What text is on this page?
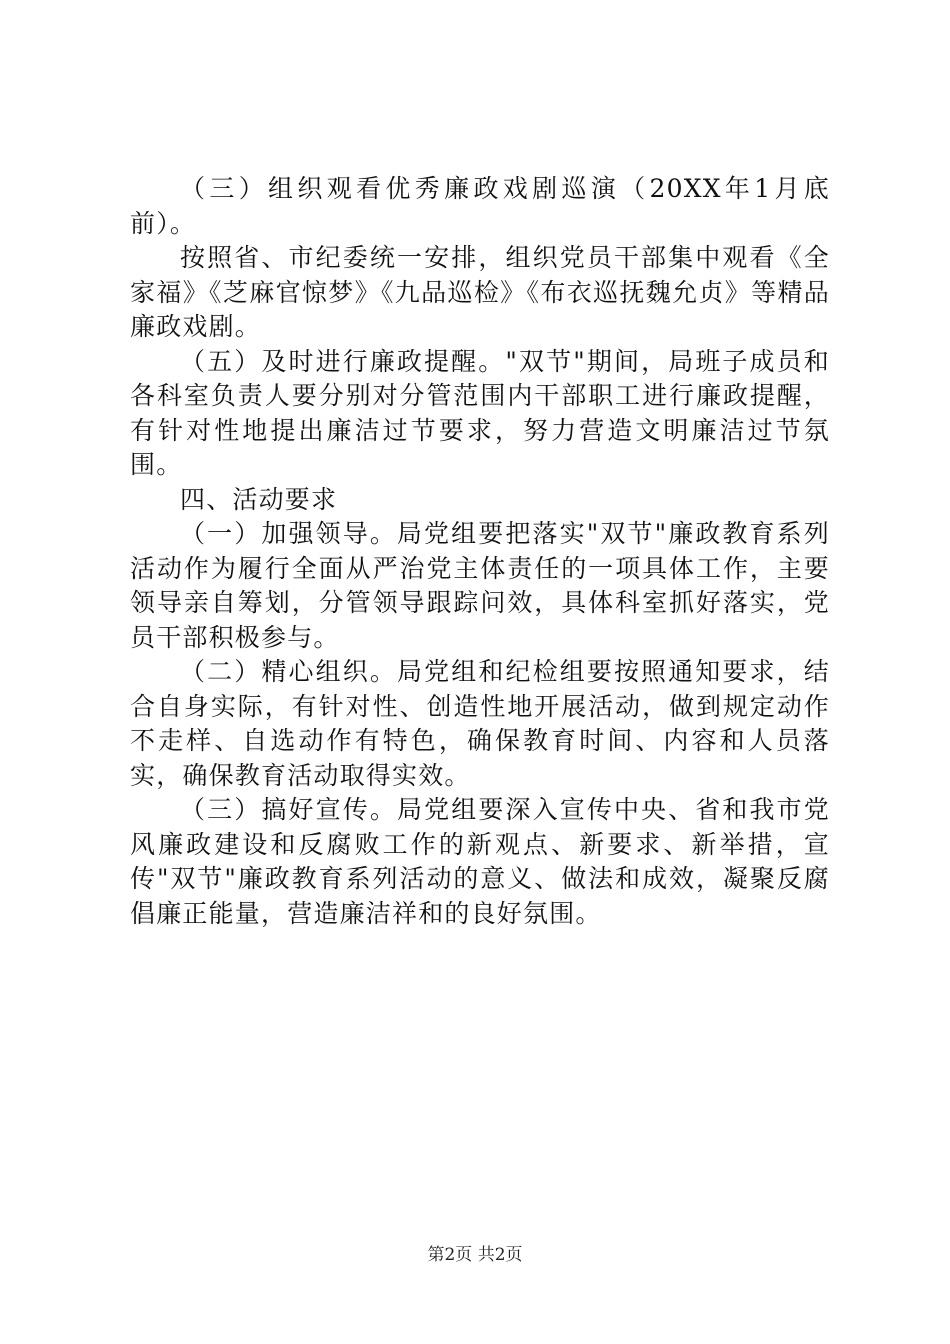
（三）组织观看优秀廉政戏剧巡演（20XX年1月底前）。

按照省、市纪委统一安排，组织党员干部集中观看《全家福》《芝麻官惊梦》《九品巡检》《布衣巡抚魏允贞》等精品廉政戏剧。

（五）及时进行廉政提醒。"双节"期间，局班子成员和各科室负责人要分别对分管范围内干部职工进行廉政提醒，有针对性地提出廉洁过节要求，努力营造文明廉洁过节氛围。

四、活动要求

（一）加强领导。局党组要把落实"双节"廉政教育系列活动作为履行全面从严治党主体责任的一项具体工作，主要领导亲自筹划，分管领导跟踪问效，具体科室抓好落实，党员干部积极参与。

（二）精心组织。局党组和纪检组要按照通知要求，结合自身实际，有针对性、创造性地开展活动，做到规定动作不走样、自选动作有特色，确保教育时间、内容和人员落实，确保教育活动取得实效。

（三）搞好宣传。局党组要深入宣传中央、省和我市党风廉政建设和反腐败工作的新观点、新要求、新举措，宣传"双节"廉政教育系列活动的意义、做法和成效，凝聚反腐倡廉正能量，营造廉洁祥和的良好氛围。

第2页 共2页
